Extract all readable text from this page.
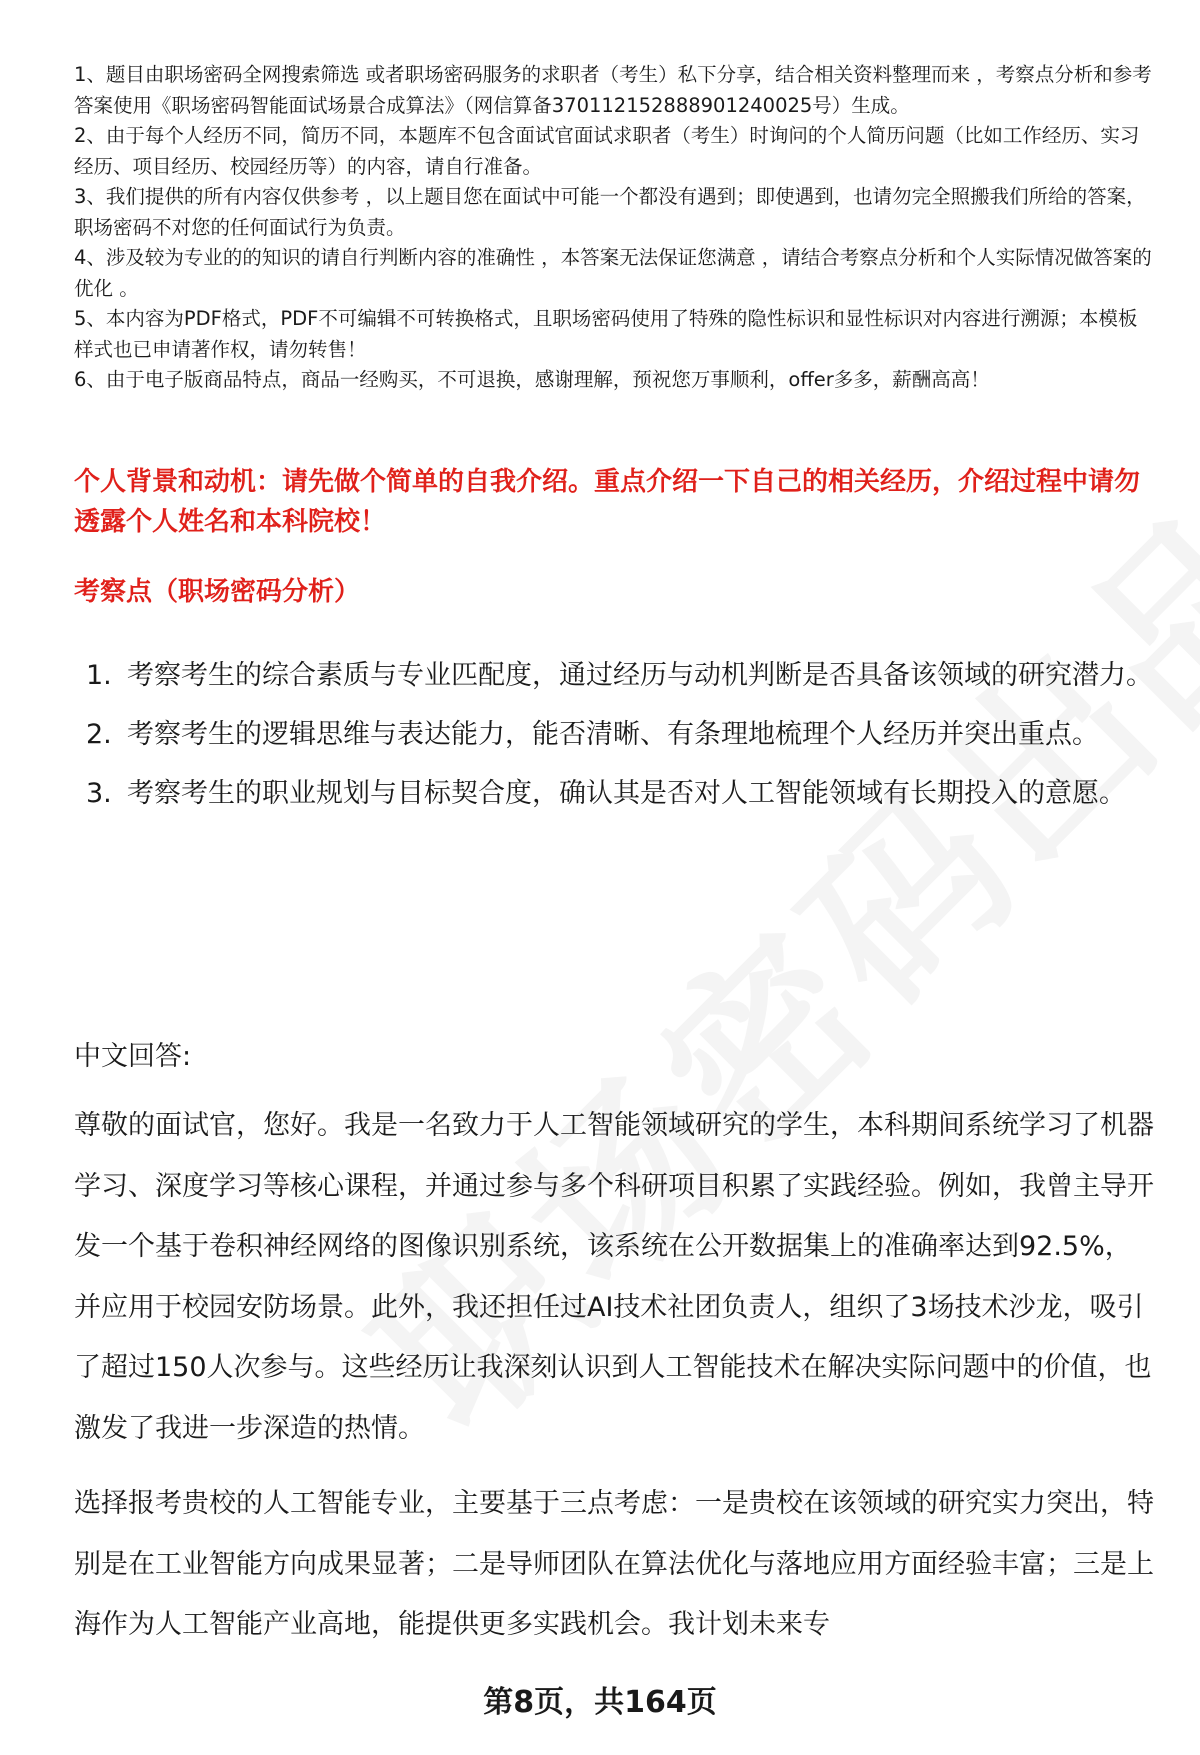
1、题目由职场密码全网搜索筛选 或者职场密码服务的求职者（考生）私下分享，结合相关资料整理而来 ，考察点分析和参考答案使用《职场密码智能面试场景合成算法》（网信算备370112152888901240025号）生成。

2、由于每个人经历不同，简历不同，本题库不包含面试官面试求职者（考生）时询问的个人简历问题（比如工作经历、实习经历、项目经历、校园经历等）的内容，请自行准备。

3、我们提供的所有内容仅供参考 ，以上题目您在面试中可能一个都没有遇到；即使遇到，也请勿完全照搬我们所给的答案，职场密码不对您的任何面试行为负责。

4、涉及较为专业的的知识的请自行判断内容的准确性 ，本答案无法保证您满意 ，请结合考察点分析和个人实际情况做答案的优化 。

5、本内容为PDF格式，PDF不可编辑不可转换格式，且职场密码使用了特殊的隐性标识和显性标识对内容进行溯源；本模板样式也已申请著作权，请勿转售！

6、由于电子版商品特点，商品一经购买，不可退换，感谢理解，预祝您万事顺利，offer多多，薪酬高高！

个人背景和动机：请先做个简单的自我介绍。重点介绍一下自己的相关经历，介绍过程中请勿透露个人姓名和本科院校！
考察点（职场密码分析）
1. 考察考生的综合素质与专业匹配度，通过经历与动机判断是否具备该领域的研究潜力。
2. 考察考生的逻辑思维与表达能力，能否清晰、有条理地梳理个人经历并突出重点。
3. 考察考生的职业规划与目标契合度，确认其是否对人工智能领域有长期投入的意愿。
中文回答:

尊敬的面试官，您好。我是一名致力于人工智能领域研究的学生，本科期间系统学习了机器学习、深度学习等核心课程，并通过参与多个科研项目积累了实践经验。例如，我曾主导开发一个基于卷积神经网络的图像识别系统，该系统在公开数据集上的准确率达到92.5%，并应用于校园安防场景。此外，我还担任过AI技术社团负责人，组织了3场技术沙龙，吸引了超过150人次参与。这些经历让我深刻认识到人工智能技术在解决实际问题中的价值，也激发了我进一步深造的热情。

选择报考贵校的人工智能专业，主要基于三点考虑：一是贵校在该领域的研究实力突出，特别是在工业智能方向成果显著；二是导师团队在算法优化与落地应用方面经验丰富；三是上海作为人工智能产业高地，能提供更多实践机会。我计划未来专

第8页，共164页
